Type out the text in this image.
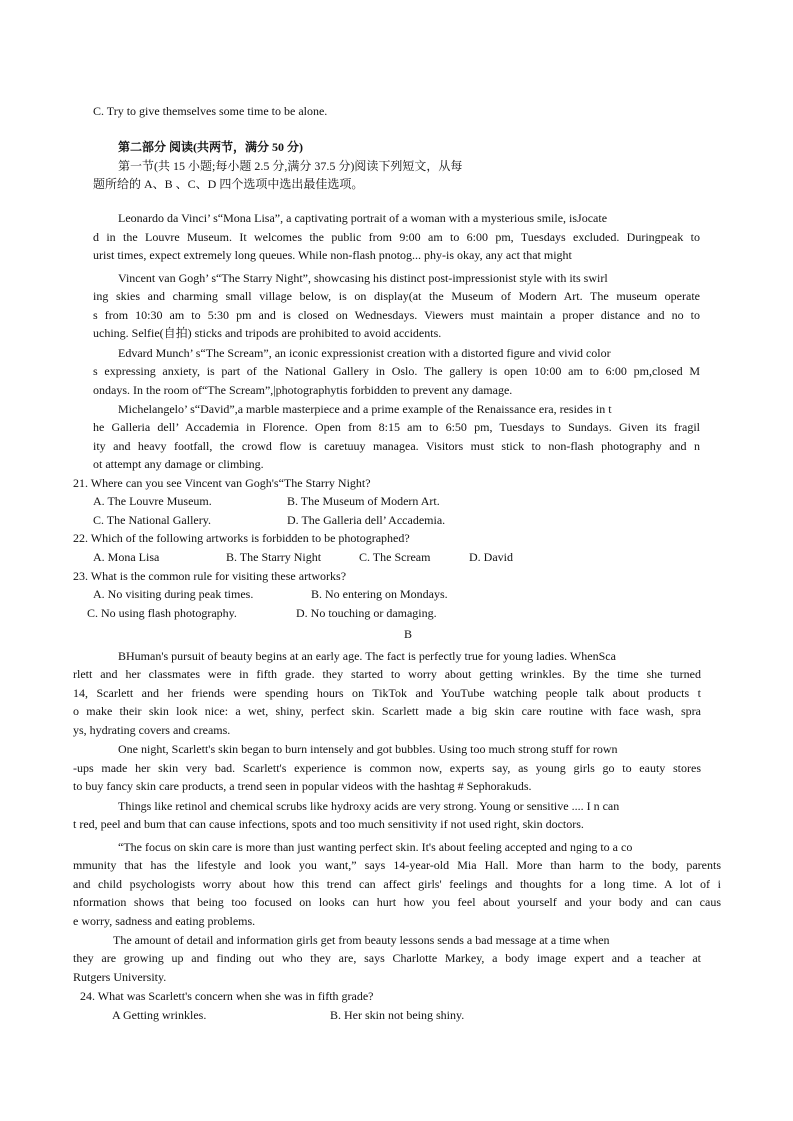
C. Try to give themselves some time to be alone.
第二部分 阅读(共两节，满分 50 分)
第一节(共 15 小题;每小题 2.5 分,满分 37.5 分)阅读下列短文，从每
题所给的 A、B 、C、D 四个选项中选出最佳选项。
Leonardo da Vinci’ s“Mona Lisa”, a captivating portrait of a woman with a mysterious smile, isJocate
d in the Louvre Museum. It welcomes the public from 9:00 am to 6:00 pm, Tuesdays excluded. Duringpeak to
urist times, expect extremely long queues. While non-flash pnotog... phy-is okay, any act that might
Vincent van Gogh’ s“The Starry Night”, showcasing his distinct post-impressionist style with its swirl
ing skies and charming small village below, is on display(at the Museum of Modern Art. The museum operate
s from 10:30 am to 5:30 pm and is closed on Wednesdays. Viewers must maintain a proper distance and no to
uching. Selfie(自拍) sticks and tripods are prohibited to avoid accidents.
Edvard Munch’ s“The Scream”, an iconic expressionist creation with a distorted figure and vivid color
s expressing anxiety, is part of the National Gallery in Oslo. The gallery is open 10:00 am to 6:00 pm,closed M
ondays. In the room of“The Scream”,|photographytis forbidden to prevent any damage.
Michelangelo’ s“David”,a marble masterpiece and a prime example of the Renaissance era, resides in t
he Galleria dell’ Accademia in Florence. Open from 8:15 am to 6:50 pm, Tuesdays to Sundays. Given its fragil
ity and heavy footfall, the crowd flow is caretuuy managea. Visitors must stick to non-flash photography and n
ot attempt any damage or climbing.
21. Where can you see Vincent van Gogh's“The Starry Night?
A. The Louvre Museum.	B. The Museum of Modern Art.
C. The National Gallery.	D. The Galleria dell’ Accademia.
22. Which of the following artworks is forbidden to be photographed?
A. Mona Lisa	B. The Starry Night	C. The Scream	D. David
23. What is the common rule for visiting these artworks?
A. No visiting during peak times.	B. No entering on Mondays.
C. No using flash photography.	D. No touching or damaging.
B
BHuman's pursuit of beauty begins at an early age. The fact is perfectly true for young ladies. WhenSca
rlett and her classmates were in fifth grade. they started to worry about getting wrinkles. By the time she turned
14, Scarlett and her friends were spending hours on TikTok and YouTube watching people talk about products t
o make their skin look nice: a wet, shiny, perfect skin. Scarlett made a big skin care routine with face wash, spra
ys, hydrating covers and creams.
One night, Scarlett's skin began to burn intensely and got bubbles. Using too much strong stuff for rown
-ups made her skin very bad. Scarlett's experience is common now, experts say, as young girls go to eauty stores
to buy fancy skin care products, a trend seen in popular videos with the hashtag # Sephorakuds.
Things like retinol and chemical scrubs like hydroxy acids are very strong. Young or sensitive .... I n can
t red, peel and bum that can cause infections, spots and too much sensitivity if not used right, skin doctors.
“The focus on skin care is more than just wanting perfect skin. It's about feeling accepted and nging to a co
mmunity that has the lifestyle and look you want,” says 14-year-old Mia Hall. More than harm to the body, parents
and child psychologists worry about how this trend can affect girls' feelings and thoughts for a long time. A lot of i
nformation shows that being too focused on looks can hurt how you feel about yourself and your body and can caus
e worry, sadness and eating problems.
The amount of detail and information girls get from beauty lessons sends a bad message at a time when
they are growing up and finding out who they are, says Charlotte Markey, a body image expert and a teacher at
Rutgers University.
24. What was Scarlett's concern when she was in fifth grade?
A Getting wrinkles.	B. Her skin not being shiny.
